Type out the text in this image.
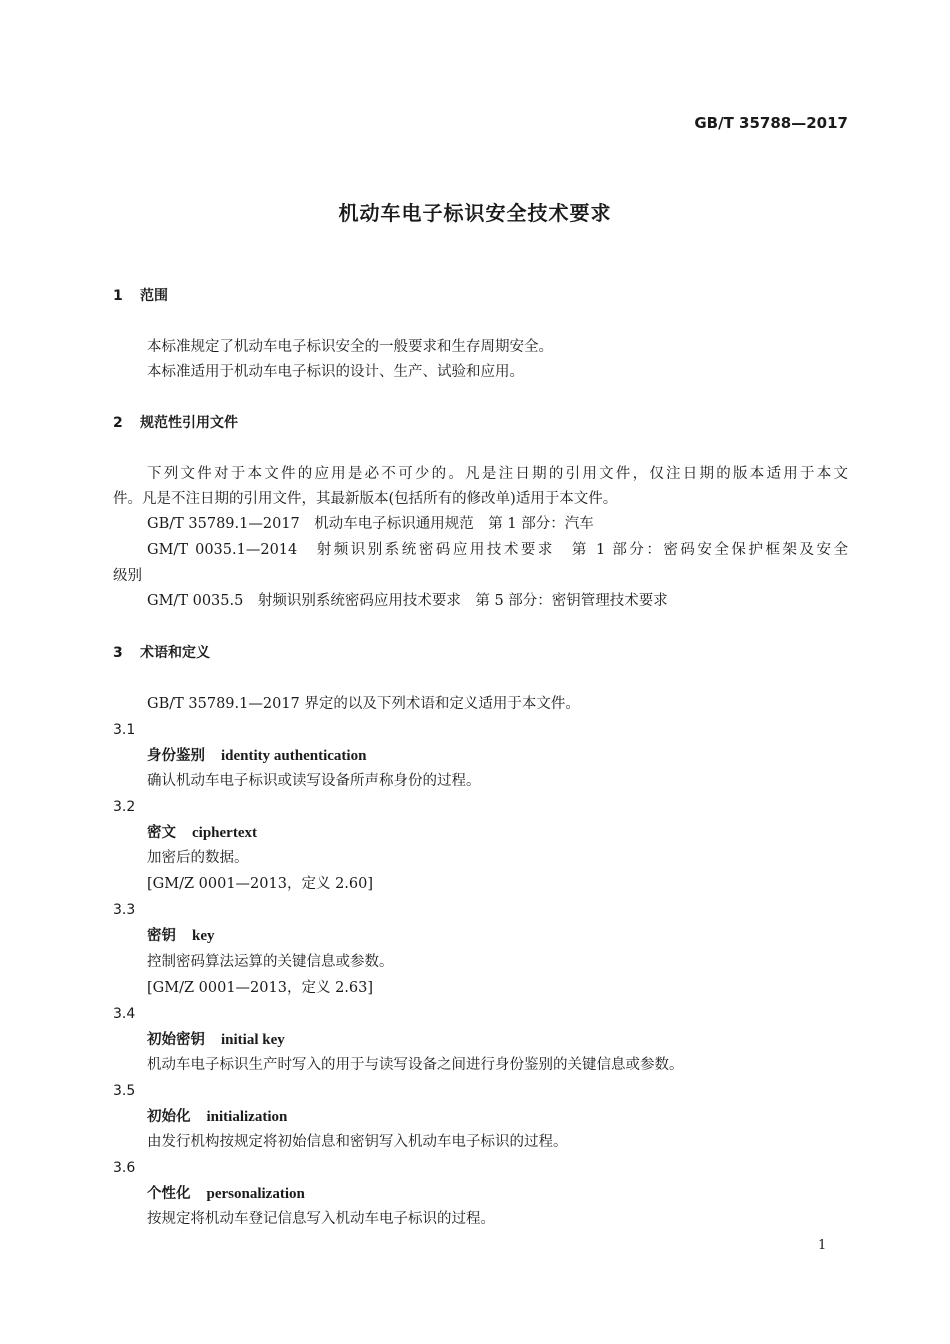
GB/T 35788—2017
机动车电子标识安全技术要求
1 范围
本标准规定了机动车电子标识安全的一般要求和生存周期安全。
本标准适用于机动车电子标识的设计、生产、试验和应用。
2 规范性引用文件
下列文件对于本文件的应用是必不可少的。凡是注日期的引用文件，仅注日期的版本适用于本文
件。凡是不注日期的引用文件，其最新版本(包括所有的修改单)适用于本文件。
GB/T 35789.1—2017　机动车电子标识通用规范　第 1 部分：汽车
GM/T 0035.1—2014　射频识别系统密码应用技术要求　第 1 部分：密码安全保护框架及安全
级别
GM/T 0035.5　射频识别系统密码应用技术要求　第 5 部分：密钥管理技术要求
3 术语和定义
GB/T 35789.1—2017 界定的以及下列术语和定义适用于本文件。
3.1
身份鉴别 identity authentication
确认机动车电子标识或读写设备所声称身份的过程。
3.2
密文 ciphertext
加密后的数据。
[GM/Z 0001—2013，定义 2.60]
3.3
密钥 key
控制密码算法运算的关键信息或参数。
[GM/Z 0001—2013，定义 2.63]
3.4
初始密钥 initial key
机动车电子标识生产时写入的用于与读写设备之间进行身份鉴别的关键信息或参数。
3.5
初始化 initialization
由发行机构按规定将初始信息和密钥写入机动车电子标识的过程。
3.6
个性化 personalization
按规定将机动车登记信息写入机动车电子标识的过程。
1
